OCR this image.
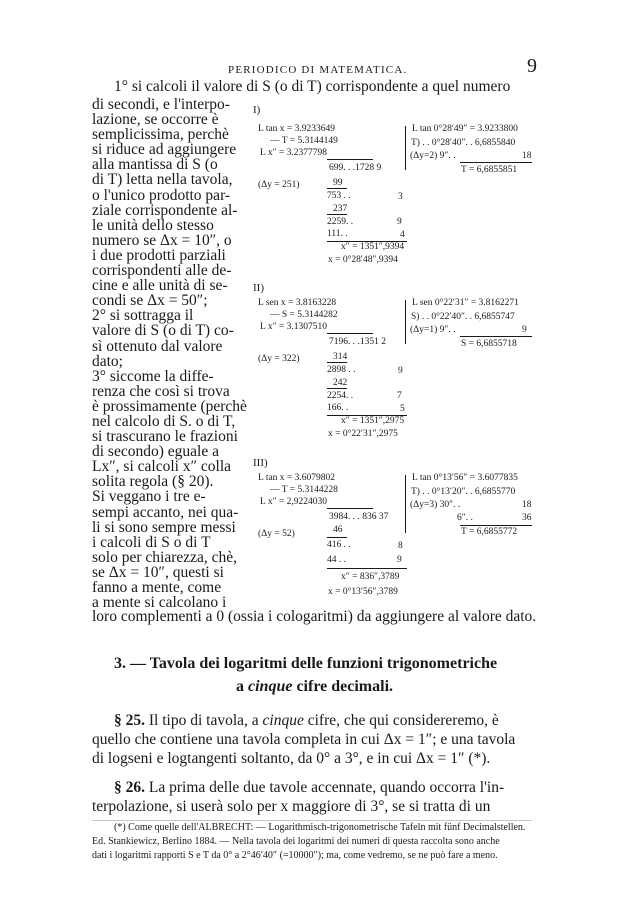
PERIODICO DI MATEMATICA.	9
1° si calcoli il valore di S (o di T) corrispondente a quel numero
di secondi, e l'interpo-
lazione, se occorre è
semplicissima, perchè
si riduce ad aggiungere
alla mantissa di S (o
di T) letta nella tavola,
o l'unico prodotto par-
ziale corrispondente al-
le unità dello stesso
numero se Δx = 10″, o
i due prodotti parziali
corrispondenti alle de-
cine e alle unità di se-
condi se Δx = 50″;
2° si sottragga il
valore di S (o di T) co-
sì ottenuto dal valore
dato;
3° siccome la diffe-
renza che così si trova
è prossimamente (perchè
nel calcolo di S. o di T,
si trascurano le frazioni
di secondo) eguale a
Lx″, si calcoli x″ colla
solita regola (§ 20).
Si veggano i tre e-
sempi accanto, nei qua-
li si sono sempre messi
i calcoli di S o di T
solo per chiarezza, chè,
se Δx = 10″, questi si
fanno a mente, come
a mente si calcolano i
loro complementi a 0 (ossia i cologaritmi) da aggiungere al valore dato.
I)
L tan x = 3.9233649
— T = 5.3144149
L x″ = 3.2377798
699. . .1728 9
(Δy = 251)	99
753 . .	3
237
2259. .	9
111. .	4
x″ = 1351″,9394
x = 0°28′48″,9394
L tan 0°28′49″ = 3.9233800
T) . . 0°28′40″. . 6,6855840
(Δy=2) 9″. .	18
T = 6,6855851
II)
L sen x = 3.8163228
— S = 5.3144282
L x″ = 3.1307510
7196. . .1351 2
(Δy = 322)	314
2898 . .	9
242
2254. .	7
166. .	5
x″ = 1351″,2975
x = 0°22′31″,2975
L sen 0°22′31″ = 3.8162271
S) . . 0°22′40″. . 6,6855747
(Δy=1) 9″. .	9
S = 6,6855718
III)
L tan x = 3.6079802
— T = 5.3144228
L x″ = 2,9224030
3984. . . 836 37
(Δy = 52)	46
416 . .	8
44 . .	9
x″ = 836″,3789
x = 0°13′56″,3789
L tan 0°13′56″ = 3.6077835
T) . . 0°13′20″. . 6,6855770
(Δy=3) 30″. .	18
6″. .	36
T = 6,6855772
3. — Tavola dei logaritmi delle funzioni trigonometriche
a cinque cifre decimali.
§ 25. Il tipo di tavola, a cinque cifre, che qui considereremo, è
quello che contiene una tavola completa in cui Δx = 1″; e una tavola
di logseni e logtangenti soltanto, da 0° a 3°, e in cui Δx = 1″ (*).
§ 26. La prima delle due tavole accennate, quando occorra l'in-
terpolazione, si userà solo per x maggiore di 3°, se si tratta di un
(*) Come quelle dell'ALBRECHT: — Logarithmisch-trigonometrische Tafeln mit fünf Decimalstellen.
Ed. Stankiewicz, Berlino 1884. — Nella tavola dei logaritmi dei numeri di questa raccolta sono anche
dati i logaritmi rapporti S e T da 0° a 2°46′40″ (=10000″); ma, come vedremo, se ne può fare a meno.
